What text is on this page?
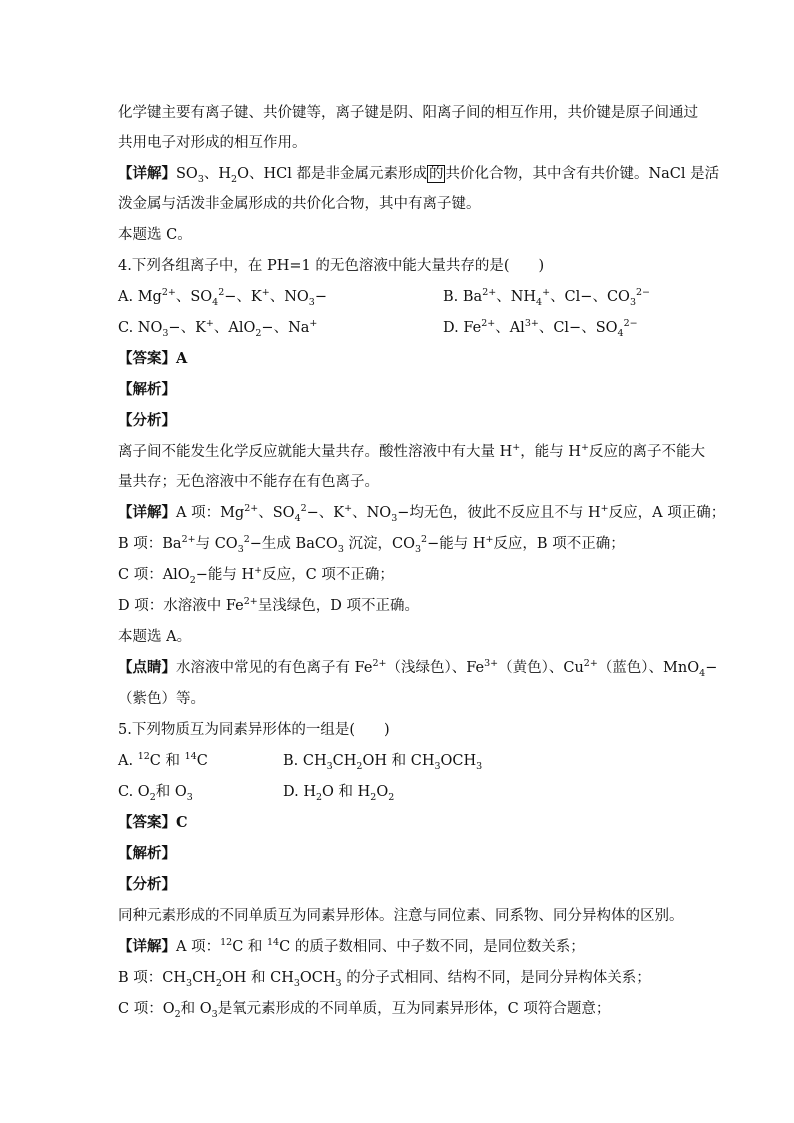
化学键主要有离子键、共价键等，离子键是阴、阳离子间的相互作用，共价键是原子间通过
共用电子对形成的相互作用。
【详解】$SO_3$、$H_2O$、HCl 都是非金属元素形成 的 共价化合物，其中含有共价键。NaCl 是活
泼金属与活泼非金属形成的共价化合物，其中有离子键。
本题选 C。
4.下列各组离子中，在 PH=1 的无色溶液中能大量共存的是(　　)
A. $Mg^{2+}$、$SO_4^2-$、K+、$NO_3-$	B. $Ba^{2+}$、$NH_4^+$、Cl−、$CO_3^{2-}$
C. $NO_3-$、K+、AlO$_2$−、Na+	D. $Fe^{2+}$、$Al^{3+}$、Cl−、$SO_4^{2-}$
【答案】A
【解析】
【分析】
离子间不能发生化学反应就能大量共存。酸性溶液中有大量 H+，能与 H+反应的离子不能大
量共存；无色溶液中不能存在有色离子。
【详解】A 项：$Mg^{2+}$、$SO_4^2-$、K+、$NO_3-$均无色，彼此不反应且不与 H+反应，A 项正确；
B 项：$Ba^{2+}$与 $CO_3^2-$生成 BaCO$_3$ 沉淀，$CO_3^2-$能与 H+反应，B 项不正确；
C 项：AlO$_2$−能与 H+反应，C 项不正确；
D 项：水溶液中 $Fe^{2+}$呈浅绿色，D 项不正确。
本题选 A。
【点睛】水溶液中常见的有色离子有 $Fe^{2+}$（浅绿色）、$Fe^{3+}$（黄色）、$Cu^{2+}$（蓝色）、MnO$_4$−
（紫色）等。
5.下列物质互为同素异形体的一组是(　　)
A. $^{12}$C 和 $^{14}$C	B. $CH_3CH_2OH$ 和 $CH_3OCH_3$
C. $O_2$和 $O_3$	D. $H_2O$ 和 $H_2O_2$
【答案】C
【解析】
【分析】
同种元素形成的不同单质互为同素异形体。注意与同位素、同系物、同分异构体的区别。
【详解】A 项：$^{12}$C 和 $^{14}$C 的质子数相同、中子数不同，是同位数关系；
B 项：$CH_3CH_2OH$ 和 $CH_3OCH_3$ 的分子式相同、结构不同，是同分异构体关系；
C 项：$O_2$和 $O_3$是氧元素形成的不同单质，互为同素异形体，C 项符合题意；
